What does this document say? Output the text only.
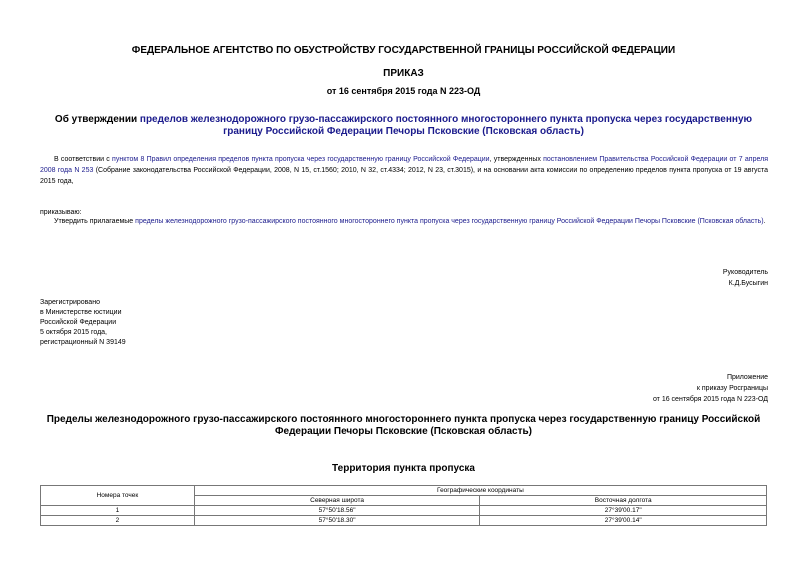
ФЕДЕРАЛЬНОЕ АГЕНТСТВО ПО ОБУСТРОЙСТВУ ГОСУДАРСТВЕННОЙ ГРАНИЦЫ РОССИЙСКОЙ ФЕДЕРАЦИИ
ПРИКАЗ
от 16 сентября 2015 года N 223-ОД
Об утверждении пределов железнодорожного грузо-пассажирского постоянного многостороннего пункта пропуска через государственную границу Российской Федерации Печоры Псковские (Псковская область)
В соответствии с пунктом 8 Правил определения пределов пункта пропуска через государственную границу Российской Федерации, утвержденных постановлением Правительства Российской Федерации от 7 апреля 2008 года N 253 (Собрание законодательства Российской Федерации, 2008, N 15, ст.1560; 2010, N 32, ст.4334; 2012, N 23, ст.3015), и на основании акта комиссии по определению пределов пункта пропуска от 19 августа 2015 года,
приказываю:
Утвердить прилагаемые пределы железнодорожного грузо-пассажирского постоянного многостороннего пункта пропуска через государственную границу Российской Федерации Печоры Псковские (Псковская область).
Руководитель
К.Д.Бусыгин
Зарегистрировано
в Министерстве юстиции
Российской Федерации
5 октября 2015 года,
регистрационный N 39149
Приложение
к приказу Росграницы
от 16 сентября 2015 года N 223-ОД
Пределы железнодорожного грузо-пассажирского постоянного многостороннего пункта пропуска через государственную границу Российской Федерации Печоры Псковские (Псковская область)
Территория пункта пропуска
Номера точек	Географические координаты	
	Северная широта	Восточная долгота
1	57°50'18.56"	27°39'00.17"
2	57°50'18.30"	27°39'00.14"
